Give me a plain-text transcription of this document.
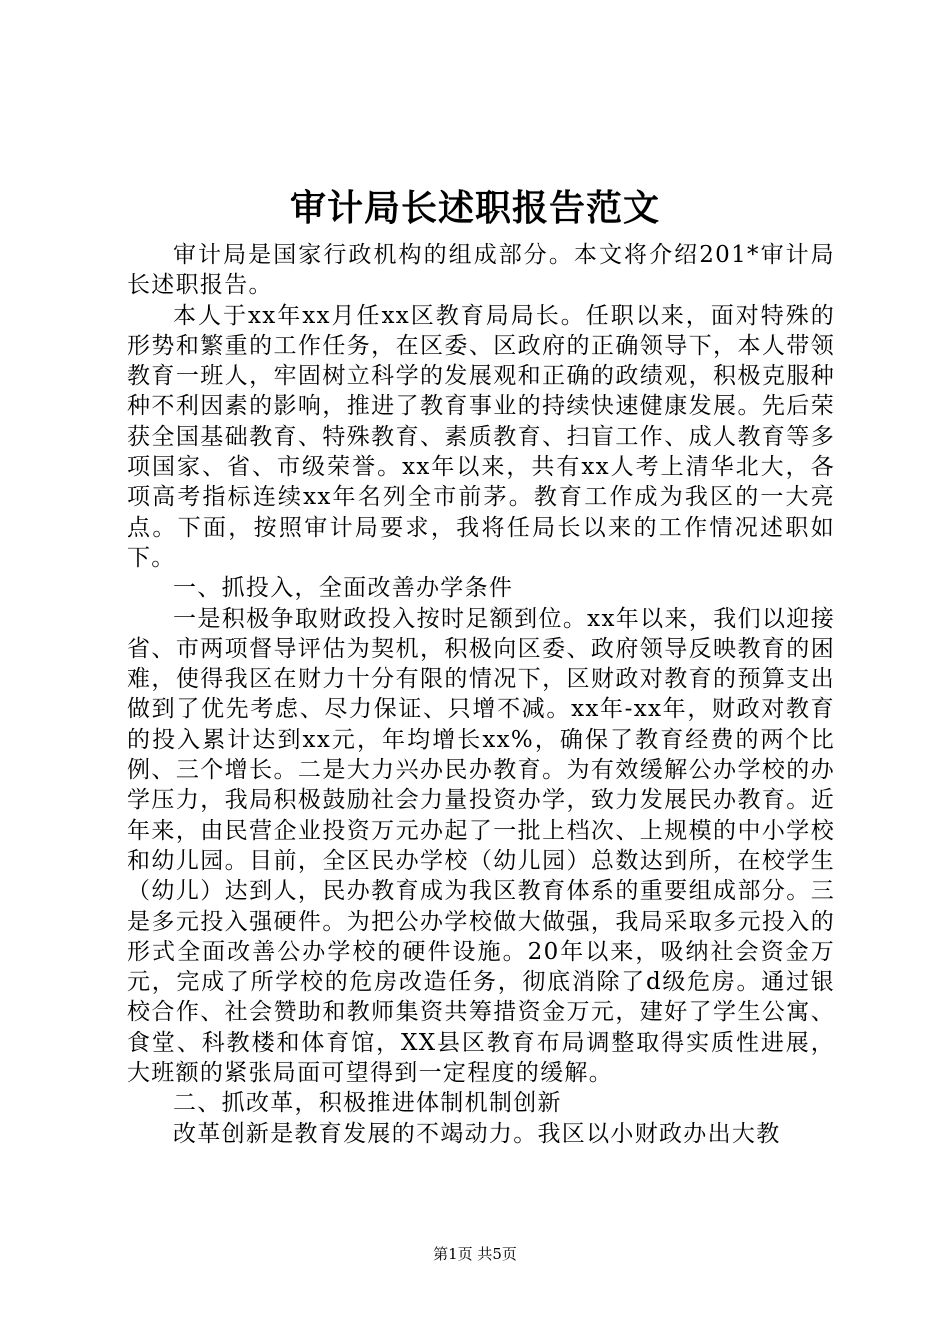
审计局长述职报告范文

审计局是国家行政机构的组成部分。本文将介绍201*审计局长述职报告。

本人于xx年xx月任xx区教育局局长。任职以来，面对特殊的形势和繁重的工作任务，在区委、区政府的正确领导下，本人带领教育一班人，牢固树立科学的发展观和正确的政绩观，积极克服种种不利因素的影响，推进了教育事业的持续快速健康发展。先后荣获全国基础教育、特殊教育、素质教育、扫盲工作、成人教育等多项国家、省、市级荣誉。xx年以来，共有xx人考上清华北大，各项高考指标连续xx年名列全市前茅。教育工作成为我区的一大亮点。下面，按照审计局要求，我将任局长以来的工作情况述职如下。

一、抓投入，全面改善办学条件

一是积极争取财政投入按时足额到位。xx年以来，我们以迎接省、市两项督导评估为契机，积极向区委、政府领导反映教育的困难，使得我区在财力十分有限的情况下，区财政对教育的预算支出做到了优先考虑、尽力保证、只增不减。xx年-xx年，财政对教育的投入累计达到xx元，年均增长xx%，确保了教育经费的两个比例、三个增长。二是大力兴办民办教育。为有效缓解公办学校的办学压力，我局积极鼓励社会力量投资办学，致力发展民办教育。近年来，由民营企业投资万元办起了一批上档次、上规模的中小学校和幼儿园。目前，全区民办学校（幼儿园）总数达到所，在校学生（幼儿）达到人，民办教育成为我区教育体系的重要组成部分。三是多元投入强硬件。为把公办学校做大做强，我局采取多元投入的形式全面改善公办学校的硬件设施。20年以来，吸纳社会资金万元，完成了所学校的危房改造任务，彻底消除了d级危房。通过银校合作、社会赞助和教师集资共筹措资金万元，建好了学生公寓、食堂、科教楼和体育馆，XX县区教育布局调整取得实质性进展，大班额的紧张局面可望得到一定程度的缓解。

二、抓改革，积极推进体制机制创新

改革创新是教育发展的不竭动力。我区以小财政办出大教

第1页 共5页
